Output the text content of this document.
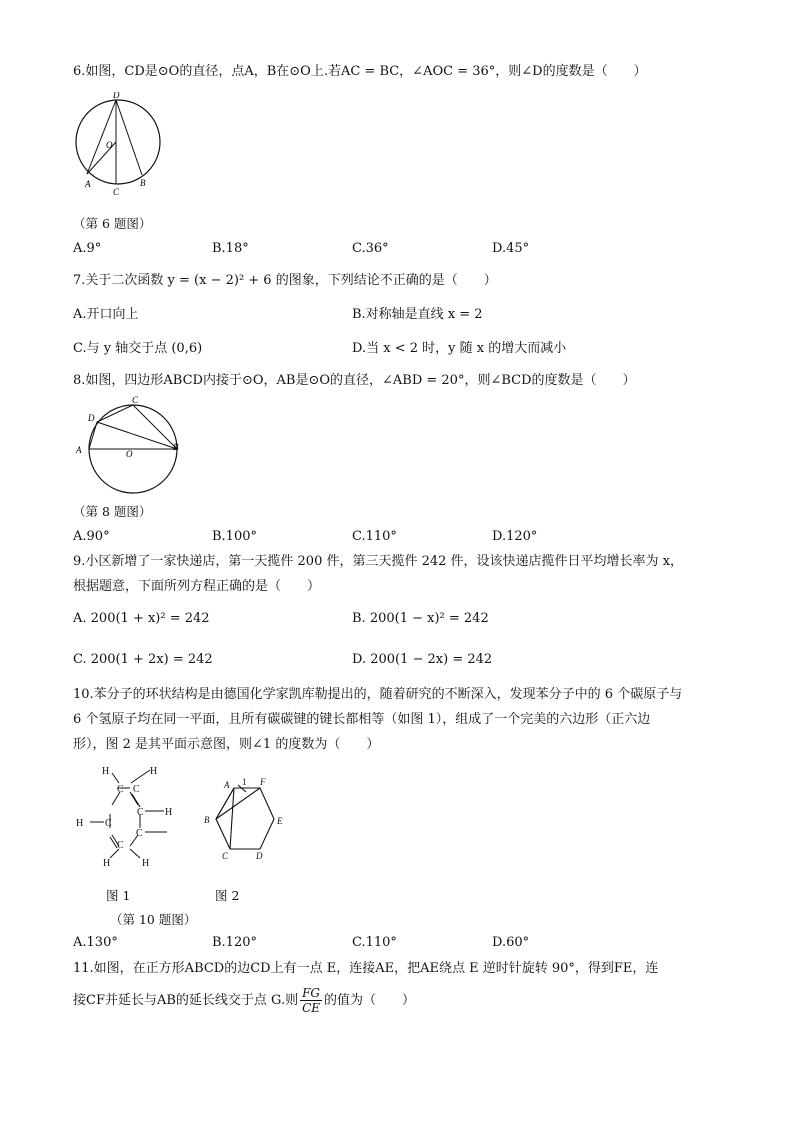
6.如图，CD是⊙O的直径，点A，B在⊙O上.若AC = BC，∠AOC = 36°，则∠D的度数是（　　）
D
O
A
C
B
（第 6 题图）
A.9°	B.18°	C.36°	D.45°
7.关于二次函数 y = (x − 2)² + 6 的图象，下列结论不正确的是（　　）
A.开口向上	B.对称轴是直线 x = 2
C.与 y 轴交于点 (0,6)	D.当 x < 2 时，y 随 x 的增大而减小
8.如图，四边形ABCD内接于⊙O，AB是⊙O的直径，∠ABD = 20°，则∠BCD的度数是（　　）
C
D
A	O
B
（第 8 题图）
A.90°	B.100°	C.110°	D.120°
9.小区新增了一家快递店，第一天揽件 200 件，第三天揽件 242 件，设该快递店揽件日平均增长率为 x，
根据题意，下面所列方程正确的是（　　）
A. 200(1 + x)² = 242	B. 200(1 − x)² = 242
C. 200(1 + 2x) = 242	D. 200(1 − 2x) = 242
10.苯分子的环状结构是由德国化学家凯库勒提出的，随着研究的不断深入，发现苯分子中的 6 个碳原子与
6 个氢原子均在同一平面，且所有碳碳键的键长都相等（如图 1），组成了一个完美的六边形（正六边
形），图 2 是其平面示意图，则∠1 的度数为（　　）
H	H
C C
C H
H C
C
C
H	H
A 1 F
B	E
C	D
图 1	图 2
（第 10 题图）
A.130°	B.120°	C.110°	D.60°
11.如图，在正方形ABCD的边CD上有一点 E，连接AE，把AE绕点 E 逆时针旋转 90°，得到FE，连
接CF并延长与AB的延长线交于点 G.则 $\frac{FG}{CE}$ 的值为（　　）
